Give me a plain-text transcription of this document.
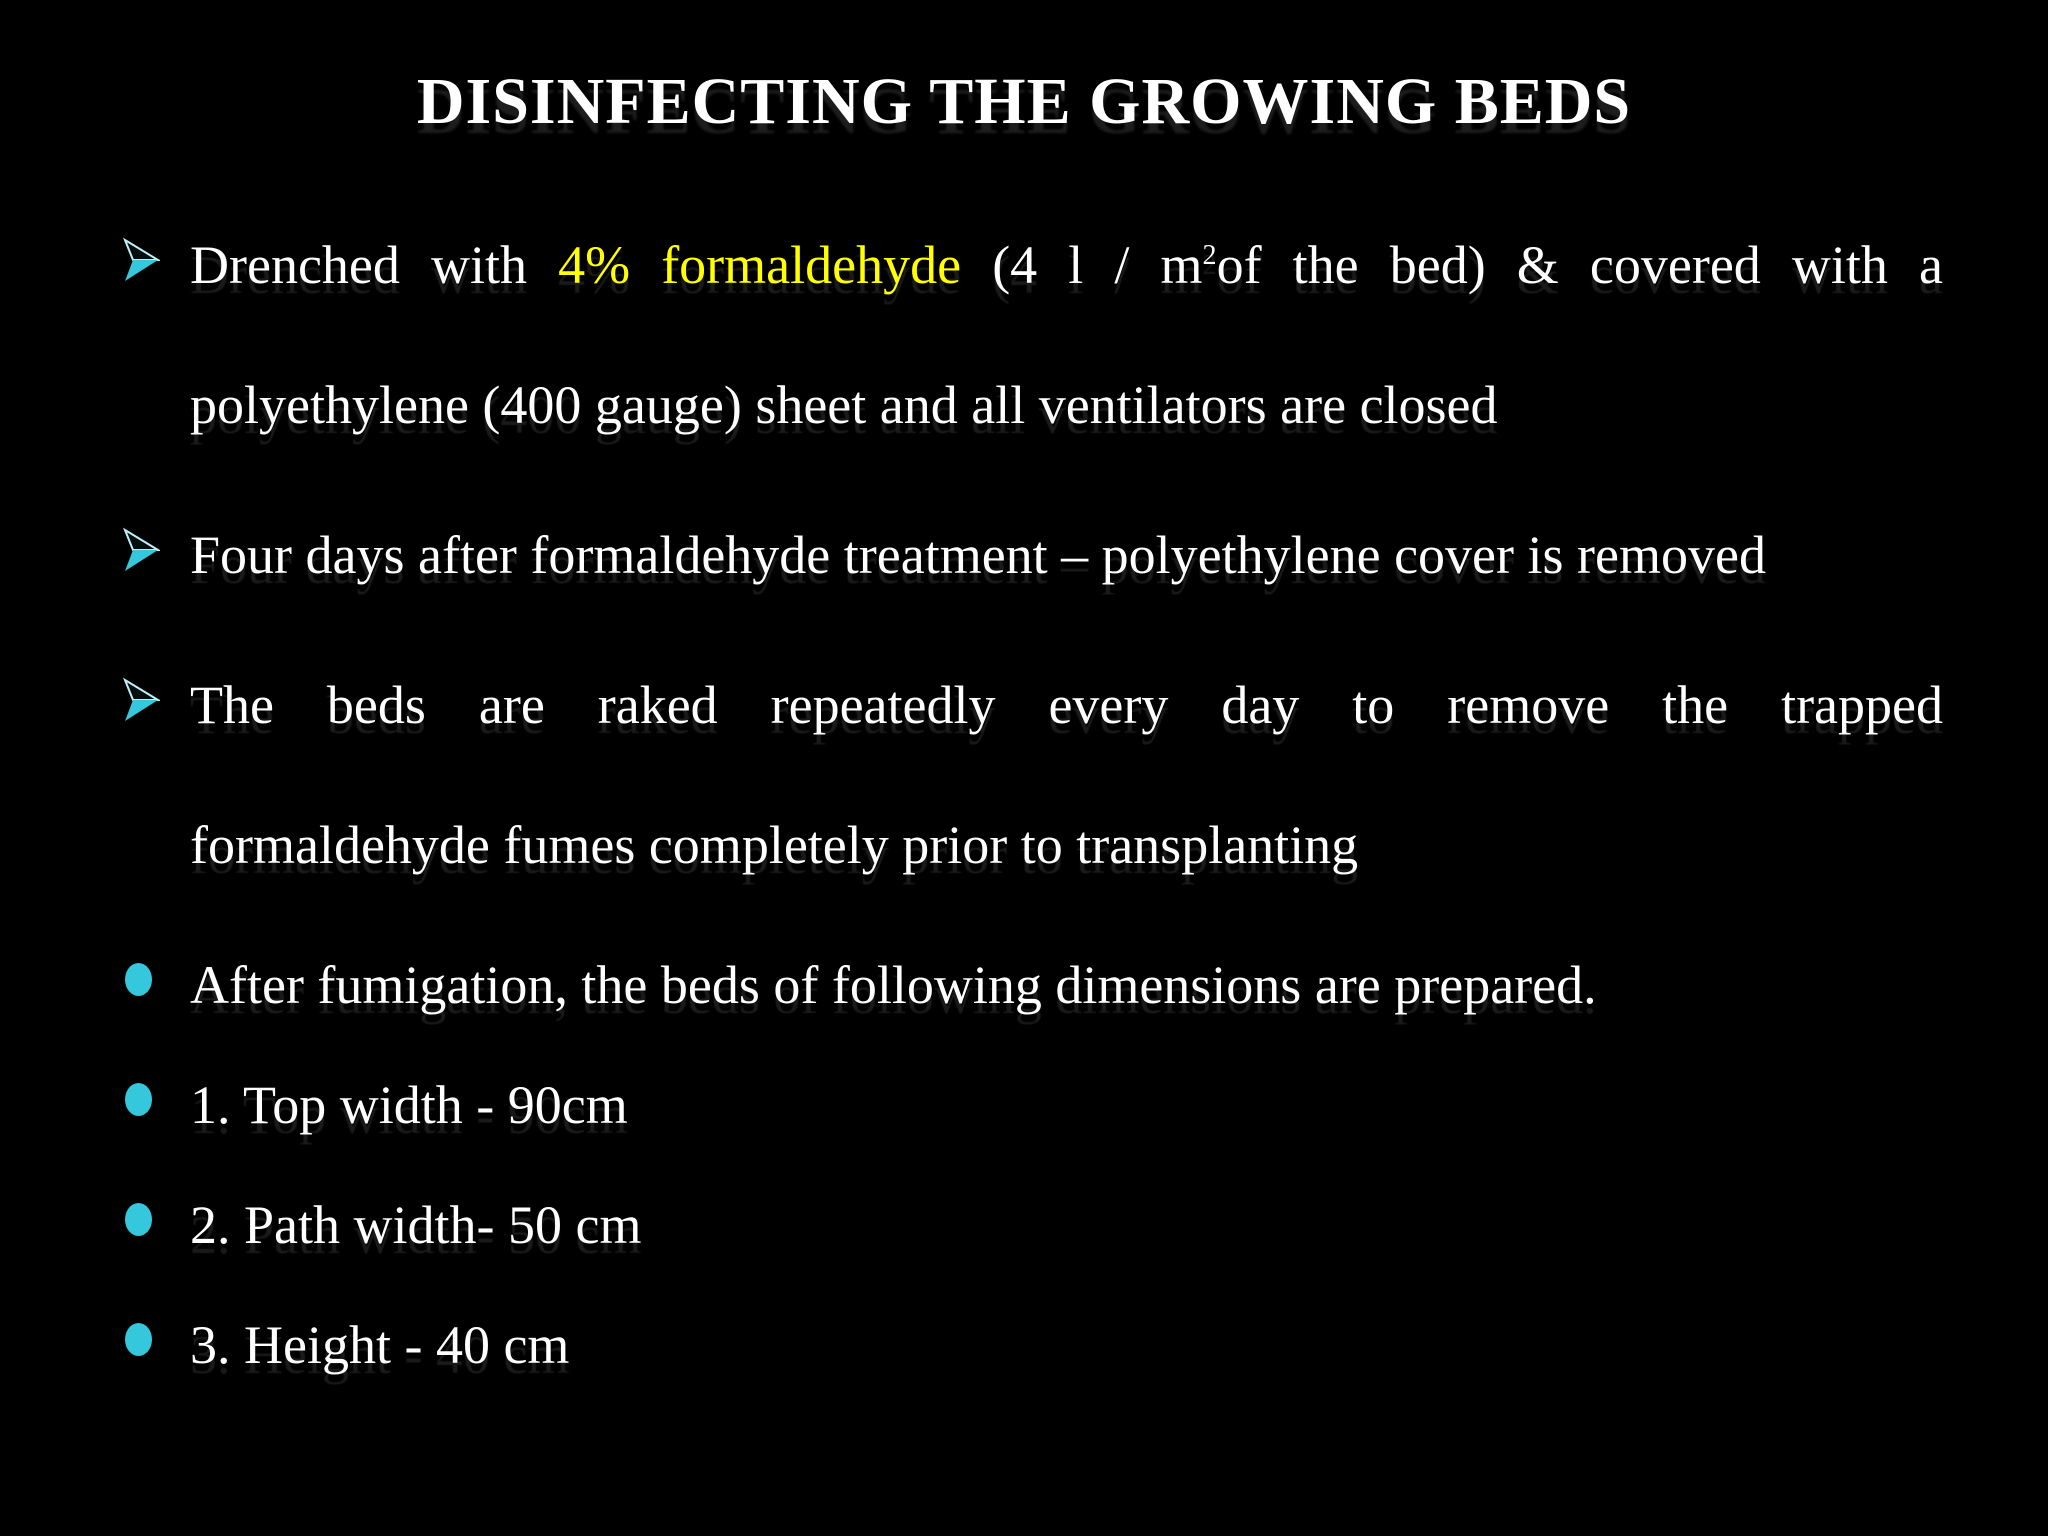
DISINFECTING THE GROWING BEDS
Drenched with 4% formaldehyde (4 l / $m^2of$ the bed) & covered with a
polyethylene (400 gauge) sheet and all ventilators are closed
Four days after formaldehyde treatment – polyethylene cover is removed
The beds are raked repeatedly every day to remove the trapped
formaldehyde fumes completely prior to transplanting
After fumigation, the beds of following dimensions are prepared.
1. Top width - 90cm
2. Path width- 50 cm
3. Height - 40 cm
